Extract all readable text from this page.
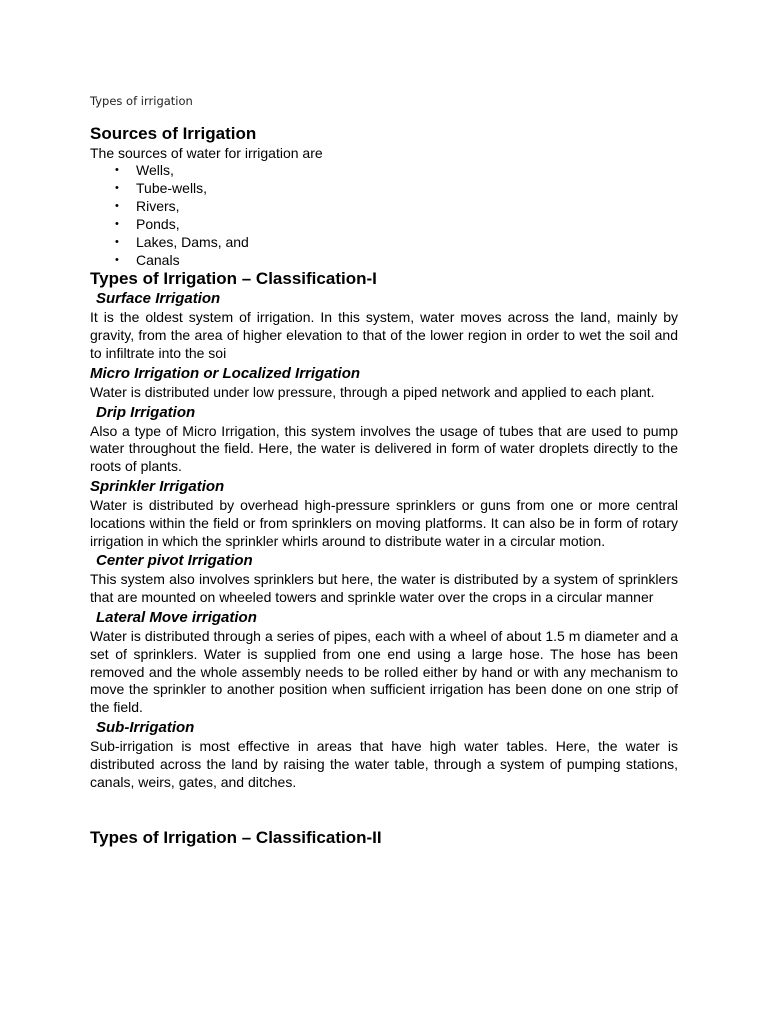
Types of irrigation
Sources of Irrigation

The sources of water for irrigation are

• Wells,
• Tube-wells,
• Rivers,
• Ponds,
• Lakes, Dams, and
• Canals
Types of Irrigation – Classification-I
Surface Irrigation

It is the oldest system of irrigation. In this system, water moves across the land, mainly by gravity, from the area of higher elevation to that of the lower region in order to wet the soil and to infiltrate into the soi

Micro Irrigation or Localized Irrigation

Water is distributed under low pressure, through a piped network and applied to each plant.

Drip Irrigation

Also a type of Micro Irrigation, this system involves the usage of tubes that are used to pump water throughout the field. Here, the water is delivered in form of water droplets directly to the roots of plants.

Sprinkler Irrigation

Water is distributed by overhead high-pressure sprinklers or guns from one or more central locations within the field or from sprinklers on moving platforms. It can also be in form of rotary irrigation in which the sprinkler whirls around to distribute water in a circular motion.

Center pivot Irrigation

This system also involves sprinklers but here, the water is distributed by a system of sprinklers that are mounted on wheeled towers and sprinkle water over the crops in a circular manner

Lateral Move irrigation

Water is distributed through a series of pipes, each with a wheel of about 1.5 m diameter and a set of sprinklers. Water is supplied from one end using a large hose. The hose has been removed and the whole assembly needs to be rolled either by hand or with any mechanism to move the sprinkler to another position when sufficient irrigation has been done on one strip of the field.

Sub-Irrigation

Sub-irrigation is most effective in areas that have high water tables. Here, the water is distributed across the land by raising the water table, through a system of pumping stations, canals, weirs, gates, and ditches.

Types of Irrigation – Classification-II
